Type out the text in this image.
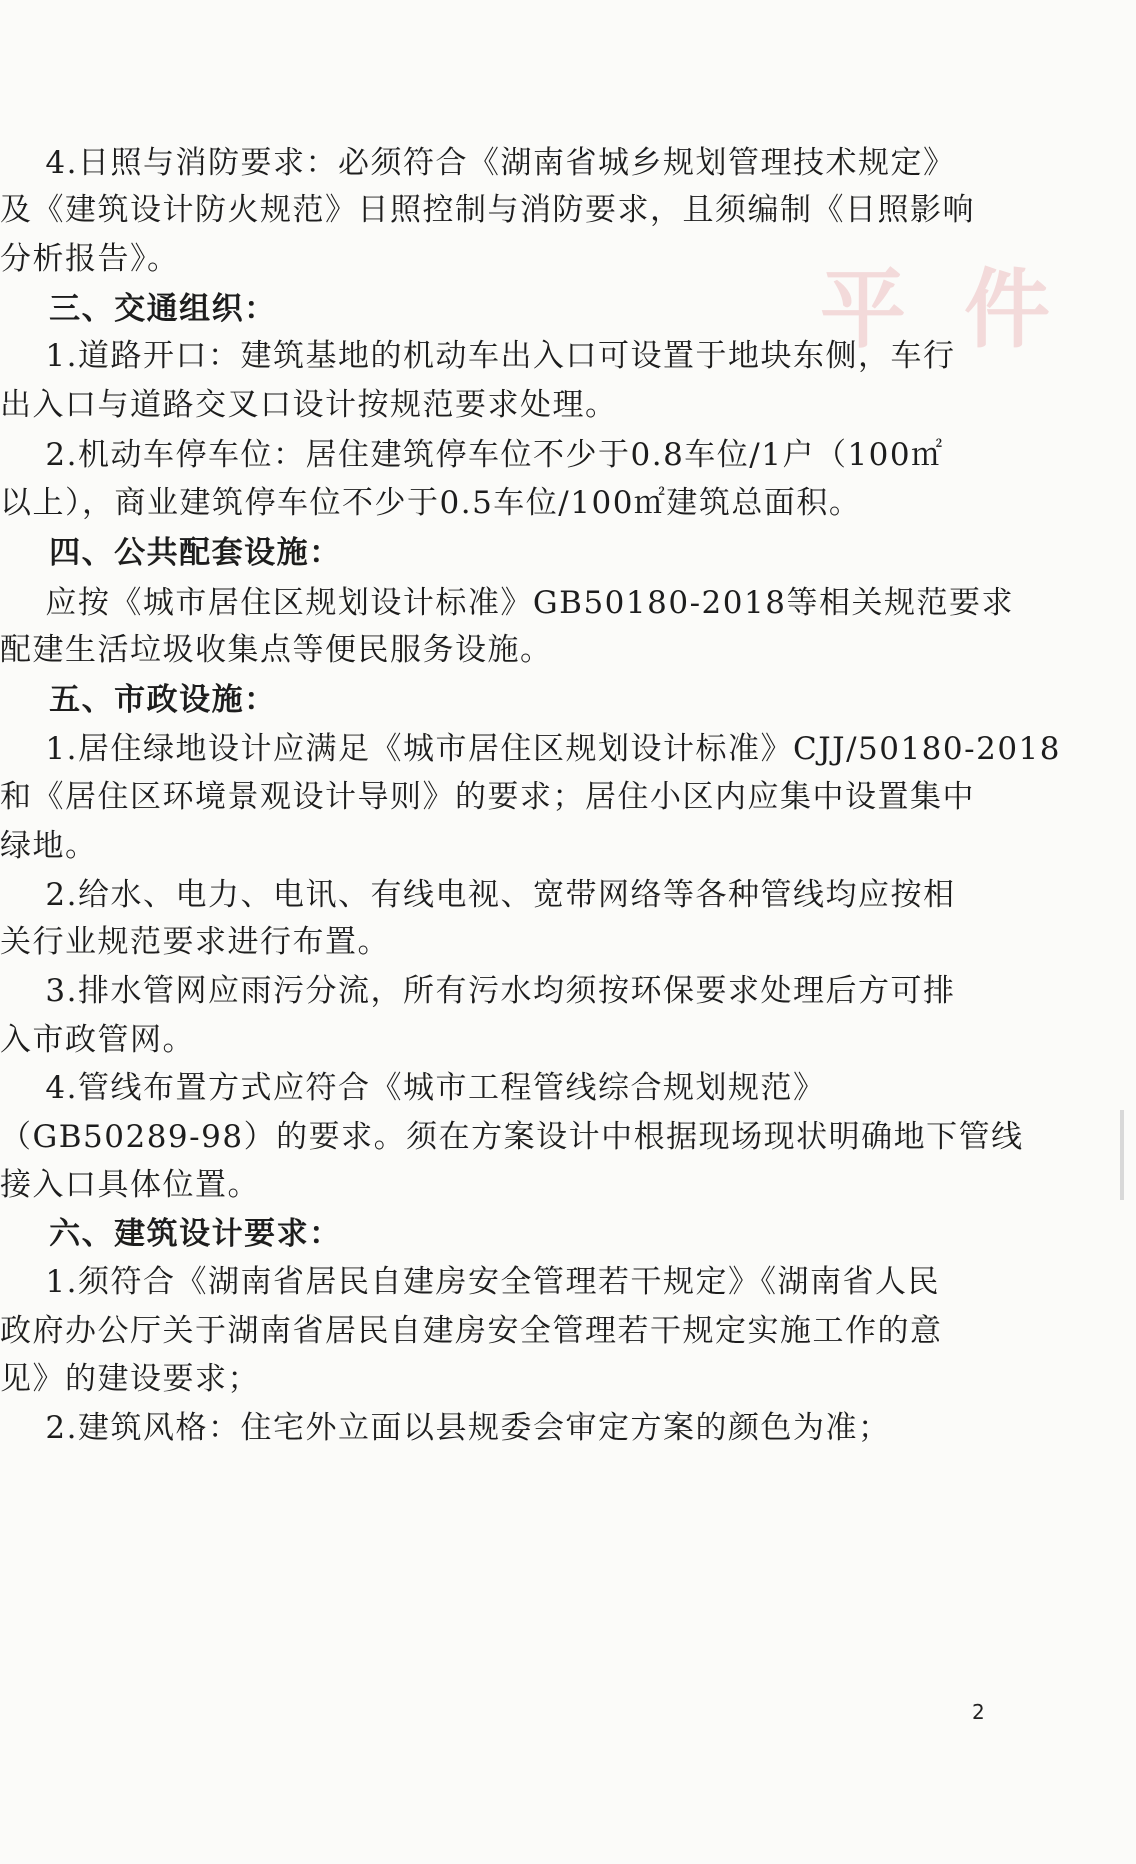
平 件
4.日照与消防要求：必须符合《湖南省城乡规划管理技术规定》
及《建筑设计防火规范》日照控制与消防要求，且须编制《日照影响
分析报告》。
三、交通组织：
1.道路开口：建筑基地的机动车出入口可设置于地块东侧，车行
出入口与道路交叉口设计按规范要求处理。
2.机动车停车位：居住建筑停车位不少于0.8车位/1户（100㎡
以上），商业建筑停车位不少于0.5车位/100㎡建筑总面积。
四、公共配套设施：
应按《城市居住区规划设计标准》GB50180-2018等相关规范要求
配建生活垃圾收集点等便民服务设施。
五、市政设施：
1.居住绿地设计应满足《城市居住区规划设计标准》CJJ/50180-2018
和《居住区环境景观设计导则》的要求；居住小区内应集中设置集中
绿地。
2.给水、电力、电讯、有线电视、宽带网络等各种管线均应按相
关行业规范要求进行布置。
3.排水管网应雨污分流，所有污水均须按环保要求处理后方可排
入市政管网。
4.管线布置方式应符合《城市工程管线综合规划规范》
（GB50289-98）的要求。须在方案设计中根据现场现状明确地下管线
接入口具体位置。
六、建筑设计要求：
1.须符合《湖南省居民自建房安全管理若干规定》《湖南省人民
政府办公厅关于湖南省居民自建房安全管理若干规定实施工作的意
见》的建设要求；
2.建筑风格：住宅外立面以县规委会审定方案的颜色为准；
2
